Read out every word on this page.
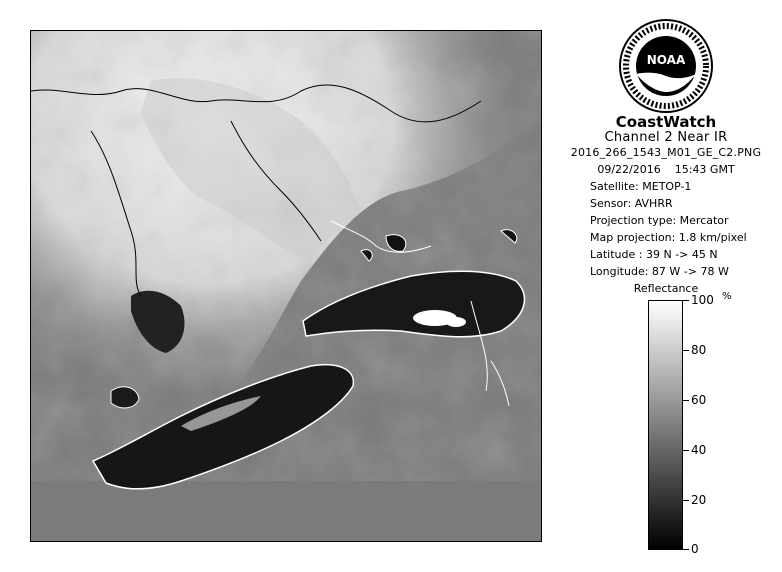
NOAA
CoastWatch
Channel 2 Near IR
2016_266_1543_M01_GE_C2.PNG
09/22/2016 15:43 GMT
Satellite: METOP-1
Sensor: AVHRR
Projection type: Mercator
Map projection: 1.8 km/pixel
Latitude : 39 N -> 45 N
Longitude: 87 W -> 78 W
Reflectance
%
100
80
60
40
20
0
